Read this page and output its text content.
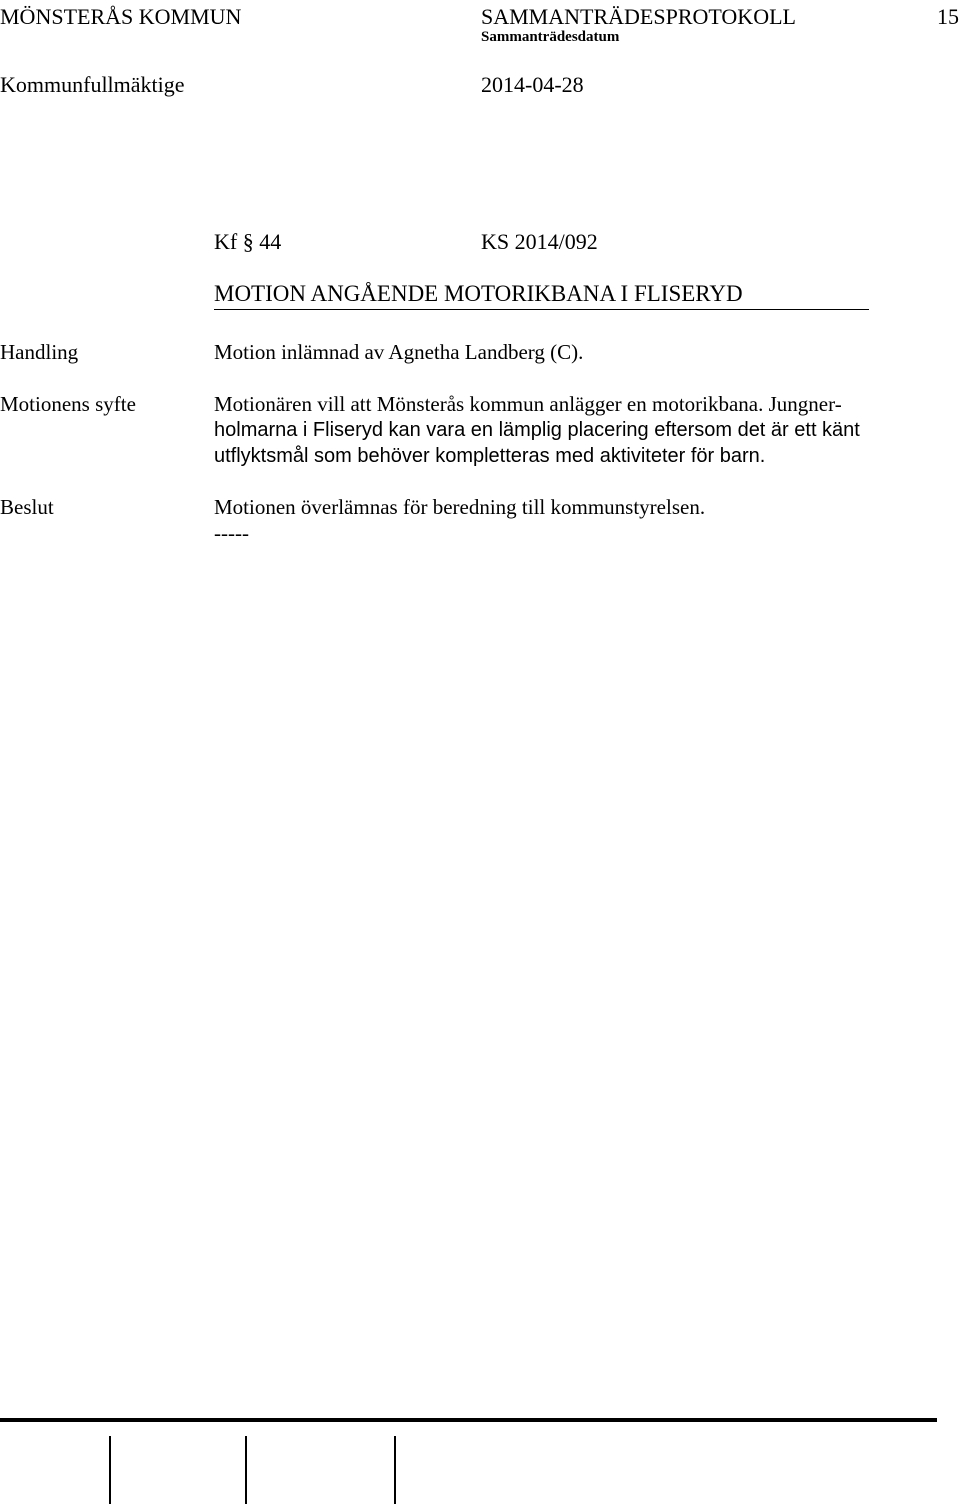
MÖNSTERÅS KOMMUN	SAMMANTRÄDESPROTOKOLL	15
Sammanträdesdatum
Kommunfullmäktige	2014-04-28
Kf § 44	KS 2014/092
MOTION ANGÅENDE MOTORIKBANA I FLISERYD
Handling	Motion inlämnad av Agnetha Landberg (C).
Motionens syfte	Motionären vill att Mönsterås kommun anlägger en motorikbana. Jungner-
holmarna i Fliseryd kan vara en lämplig placering eftersom det är ett känt
utflyktsmål som behöver kompletteras med aktiviteter för barn.
Beslut	Motionen överlämnas för beredning till kommunstyrelsen.
-----
